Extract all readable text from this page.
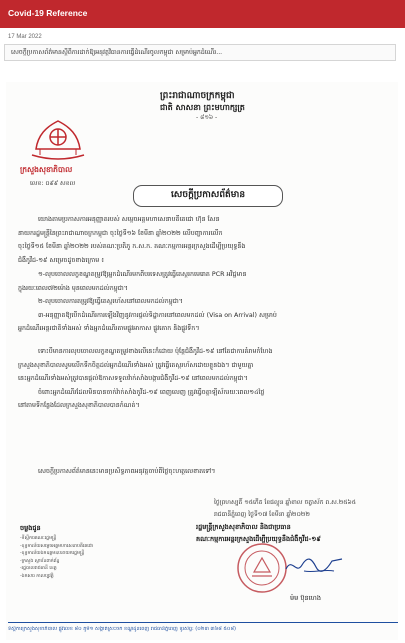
Covid-19 Reference
17 Mar 2022
សេចក្តីប្រកាសព័ត៌មានស្តីពីការដាក់ឱ្យអនុវត្តវិធានការធ្វើដំណើរចូលកម្ពុជា សម្រាប់អ្នកដំណើរ...
ព្រះរាជាណាចក្រកម្ពុជា
ជាតិ សាសនា ព្រះមហាក្សត្រ
- ៨១៦ -
ក្រសួងសុខាភិបាល
លេខ: ០៩៩ សខល
សេចក្តីប្រកាសព័ត៌មាន
យោងតាមប្រកាសការអនុញ្ញាតរបស់ សម្តេចអគ្គមហាសេនាបតីតេជោ ហ៊ុន សែន
នាយករដ្ឋមន្ត្រីនៃព្រះរាជាណាចក្រកម្ពុជា ចុះថ្ងៃទី១៦ ខែមីនា ឆ្នាំ២០២២ លើបញ្ហាការលើក
ចុះថ្ងៃទី១៥ ខែមីនា ឆ្នាំ២០២២ របស់គណៈប្រតិភូ ក.ស.ក. គណៈកម្មការអន្តរក្រសួងដើម្បីប្រយុទ្ធនឹង
ជំងឺកូវីដ-១៩ សម្រេចដូចខាងក្រោម ៖
១-លុបចោលលក្ខខណ្ឌតម្រូវឱ្យអ្នកដំណើរមកពីបរទេសត្រូវធ្វើតេស្តរកមេរោគ PCR អវិជ្ជមាន
ក្នុងរយៈពេល៧២ម៉ោង មុនពេលមកដល់កម្ពុជា។
២-លុបចោលការតម្រូវឱ្យធ្វើតេស្តរហ័សនៅពេលមកដល់កម្ពុជា។
៣-អនុញ្ញាតឱ្យបើកដំណើរការឡើងវិញនូវការផ្តល់ទិដ្ឋាការនៅពេលមកដល់ (Visa on Arrival) សម្រាប់
អ្នកដំណើរអន្តរជាតិទាំងអស់ ទាំងអ្នកដំណើរតាមផ្លូវអាកាស ផ្លូវគោក និងផ្លូវទឹក។
ទោះបីមានការលុបចោលលក្ខខណ្ឌតម្រូវខាងលើនេះក៏ដោយ ប៉ុន្តែជំងឺកូវីដ-១៩ នៅតែជាការគំរាមកំហែង
ក្រសួងសុខាភិបាលសូមលើកទឹកចិត្តដល់អ្នកដំណើរទាំងអស់ ត្រូវធ្វើតេស្តរហ័សដោយខ្លួនឯង។ ជាមួយគ្នា
នេះអ្នកដំណើរទាំងអស់ត្រូវបានផ្តល់ឱកាសទទួលវ៉ាក់សាំងបង្ការជំងឺកូវីដ-១៩ នៅពេលមកដល់កម្ពុជា។
ចំពោះអ្នកដំណើរដែលមិនបានចាក់វ៉ាក់សាំងកូវីដ-១៩ ពេញលេញ ត្រូវធ្វើចត្តាឡីស័ករយៈពេល១៤ថ្ងៃ
នៅតាមទីកន្លែងដែលក្រសួងសុខាភិបាលបានកំណត់។
សេចក្តីប្រកាសព័ត៌មាននេះមានប្រសិទ្ធភាពអនុវត្តចាប់ពីថ្ងៃចុះហត្ថលេខាតទៅ។
ថ្ងៃព្រហស្បតិ៍ ១៥កើត ខែផល្គុន ឆ្នាំខាល ចត្វាស័ក ព.ស.២៥៦៥
រាជធានីភ្នំពេញ ថ្ងៃទី១៧ ខែមីនា ឆ្នាំ២០២២
រដ្ឋមន្ត្រីក្រសួងសុខាភិបាល និងជាប្រធាន
គណៈកម្មការអន្តរក្រសួងដើម្បីប្រយុទ្ធនឹងជំងឺកូវីដ-១៩
ម៉ម ប៊ុនហេង
ចម្លងជូន
-ទីស្តីការគណៈរដ្ឋមន្ត្រី
-ខុទ្ទកាល័យសម្តេចអគ្គមហាសេនាបតីតេជោ
-ខុទ្ទកាល័យឯកឧត្តមឧបនាយករដ្ឋមន្ត្រី
-ក្រសួង ស្ថាប័នពាក់ព័ន្ធ
-រដ្ឋបាលរាជធានី ខេត្ត
-ឯកសារ កាលប្បវត្តិ
ទីស្តីការក្រសួងសុខាភិបាល ផ្លូវលេខ ៨០ ភូមិ១ សង្កាត់ស្រះចក ខណ្ឌដូនពេញ រាជធានីភ្នំពេញ ទូរស័ព្ទ: (០២៣ ៣៦៨ ៥០៨)
